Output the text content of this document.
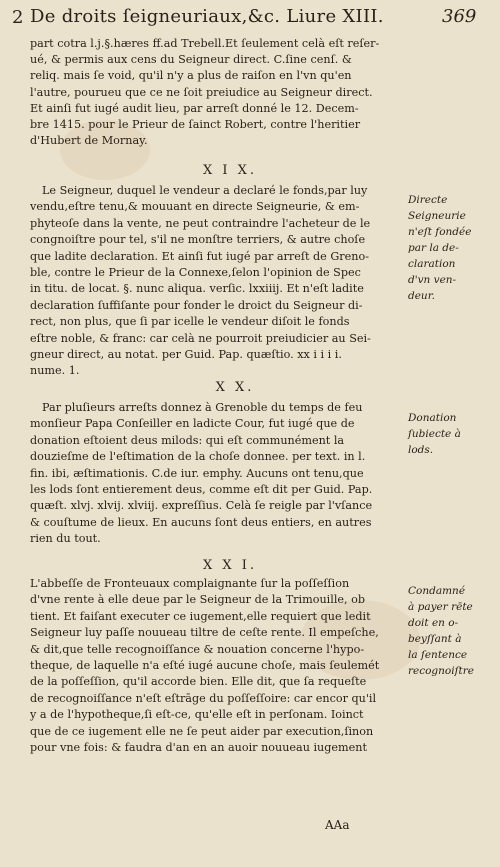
2 De droits ſeigneuriaux,&c. Liure XIII.	369
part cotra l.j.§.hæres ff.ad Trebell.Et ſeulement celà eſt reſer-
ué, & permis aux cens du Seigneur direct. C.ſine cenſ. &
reliq. mais ſe void, qu'il n'y a plus de raiſon en l'vn qu'en
l'autre, pourueu que ce ne ſoit preiudice au Seigneur direct.
Et ainſi fut iugé audit lieu, par arreſt donné le 12. Decem-
bre 1415. pour le Prieur de ſainct Robert, contre l'heritier
d'Hubert de Mornay.
X I X.
Le Seigneur, duquel le vendeur a declaré le fonds,par luy
vendu,eſtre tenu,& mouuant en directe Seigneurie, & em-
phyteoſe dans la vente, ne peut contraindre l'acheteur de le
congnoiſtre pour tel, s'il ne monſtre terriers, & autre choſe
que ladite declaration. Et ainſi fut iugé par arreſt de Greno-
ble, contre le Prieur de la Connexe,ſelon l'opinion de Spec
in titu. de locat. §. nunc aliqua. verſic. lxxiiij. Et n'eſt ladite
declaration ſuffiſante pour fonder le droict du Seigneur di-
rect, non plus, que ſi par icelle le vendeur diſoit le fonds
eſtre noble, & franc: car celà ne pourroit preiudicier au Sei-
gneur direct, au notat. per Guid. Pap. quæſtio. xx i i i i.
nume. 1.
Directe
Seigneurie
n'eſt fondée
par la de-
claration
d'vn ven-
deur.
X X.
Par pluſieurs arreſts donnez à Grenoble du temps de feu
monſieur Papa Conſeiller en ladicte Cour, fut iugé que de
donation eſtoient deus milods: qui eſt communément la
douzieſme de l'eſtimation de la choſe donnee. per text. in l.
fin. ibi, æſtimationis. C.de iur. emphy. Aucuns ont tenu,que
les lods ſont entierement deus, comme eſt dit per Guid. Pap.
quæſt. xlvj. xlvij. xlviij. expreſſius. Celà ſe reigle par l'vſance
& couſtume de lieux. En aucuns ſont deus entiers, en autres
rien du tout.
Donation
ſubiecte à
lods.
X X I.
L'abbeſſe de Fronteuaux complaignante ſur la poſſeſſion
d'vne rente à elle deue par le Seigneur de la Trimouille, ob
tient. Et faiſant executer ce iugement,elle requiert que ledit
Seigneur luy paſſe nouueau tiltre de ceſte rente. Il empeſche,
& dit,que telle recognoiſſance & nouation concerne l'hypo-
theque, de laquelle n'a eſté iugé aucune choſe, mais ſeulemét
de la poſſeſſion, qu'il accorde bien. Elle dit, que ſa requeſte
de recognoiſſance n'eſt eſtrāge du poſſeſſoire: car encor qu'il
y a de l'hypotheque,ſi eſt-ce, qu'elle eſt in perſonam. Ioinct
que de ce iugement elle ne ſe peut aider par execution,ſinon
pour vne fois: & faudra d'an en an auoir nouueau iugement
Condamné
à payer rēte
doit en o-
beyſſant à
la ſentence
recognoiſtre
AAa
